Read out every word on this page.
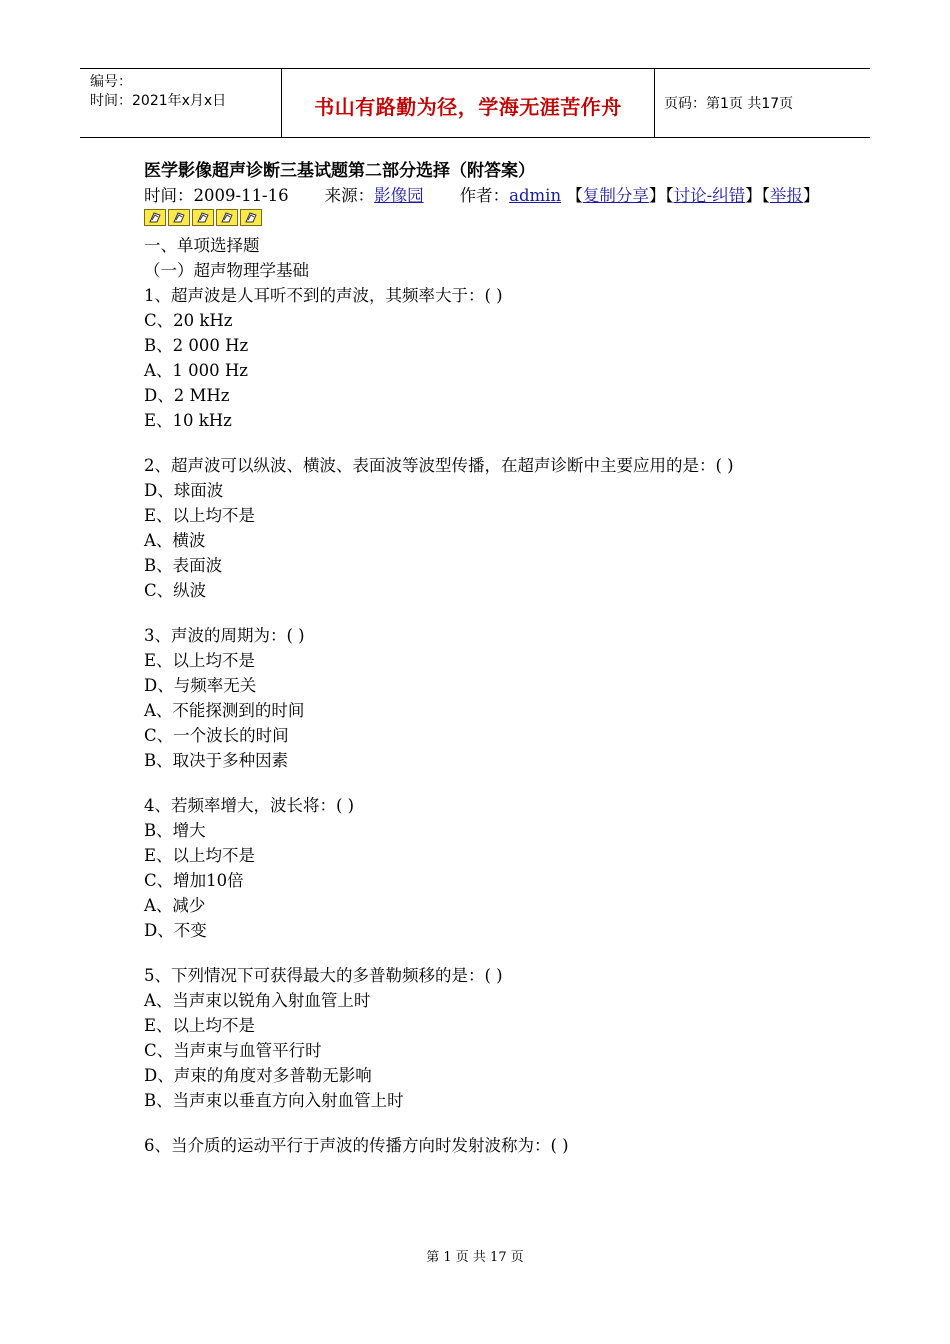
编号：
时间：2021年x月x日	书山有路勤为径，学海无涯苦作舟	页码：第1页 共17页
医学影像超声诊断三基试题第二部分选择（附答案）
时间：2009-11-16 来源：影像园 作者：admin 【复制分享】【讨论-纠错】【举报】
一、单项选择题
（一）超声物理学基础
1、超声波是人耳听不到的声波，其频率大于：( )
C、20 kHz
B、2 000 Hz
A、1 000 Hz
D、2 MHz
E、10 kHz
2、超声波可以纵波、横波、表面波等波型传播，在超声诊断中主要应用的是：( )
D、球面波
E、以上均不是
A、横波
B、表面波
C、纵波
3、声波的周期为：( )
E、以上均不是
D、与频率无关
A、不能探测到的时间
C、一个波长的时间
B、取决于多种因素
4、若频率增大，波长将：( )
B、增大
E、以上均不是
C、增加10倍
A、减少
D、不变
5、下列情况下可获得最大的多普勒频移的是：( )
A、当声束以锐角入射血管上时
E、以上均不是
C、当声束与血管平行时
D、声束的角度对多普勒无影响
B、当声束以垂直方向入射血管上时
6、当介质的运动平行于声波的传播方向时发射波称为：( )
第 1 页 共 17 页
